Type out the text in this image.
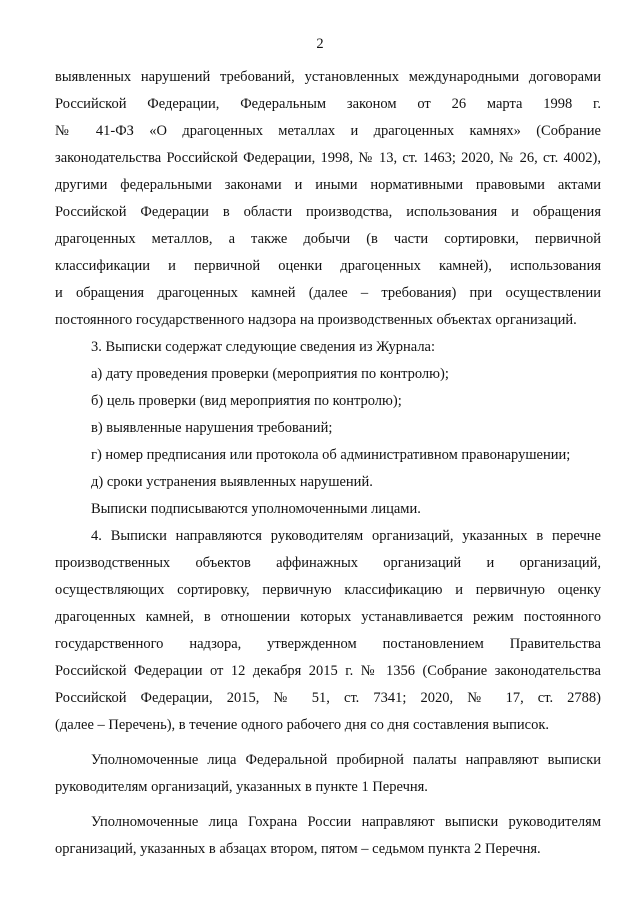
2
выявленных нарушений требований, установленных международными договорами
Российской Федерации, Федеральным законом от 26 марта 1998 г.
№ 41-ФЗ «О драгоценных металлах и драгоценных камнях» (Собрание
законодательства Российской Федерации, 1998, № 13, ст. 1463; 2020, № 26, ст. 4002),
другими федеральными законами и иными нормативными правовыми актами
Российской Федерации в области производства, использования и обращения
драгоценных металлов, а также добычи (в части сортировки, первичной
классификации и первичной оценки драгоценных камней), использования
и обращения драгоценных камней (далее – требования) при осуществлении
постоянного государственного надзора на производственных объектах организаций.
3. Выписки содержат следующие сведения из Журнала:
а) дату проведения проверки (мероприятия по контролю);
б) цель проверки (вид мероприятия по контролю);
в) выявленные нарушения требований;
г) номер предписания или протокола об административном правонарушении;
д) сроки устранения выявленных нарушений.
Выписки подписываются уполномоченными лицами.
4. Выписки направляются руководителям организаций, указанных в перечне
производственных объектов аффинажных организаций и организаций,
осуществляющих сортировку, первичную классификацию и первичную оценку
драгоценных камней, в отношении которых устанавливается режим постоянного
государственного надзора, утвержденном постановлением Правительства
Российской Федерации от 12 декабря 2015 г. № 1356 (Собрание законодательства
Российской Федерации, 2015, № 51, ст. 7341; 2020, № 17, ст. 2788)
(далее – Перечень), в течение одного рабочего дня со дня составления выписок.
Уполномоченные лица Федеральной пробирной палаты направляют выписки
руководителям организаций, указанных в пункте 1 Перечня.
Уполномоченные лица Гохрана России направляют выписки руководителям
организаций, указанных в абзацах втором, пятом – седьмом пункта 2 Перечня.
